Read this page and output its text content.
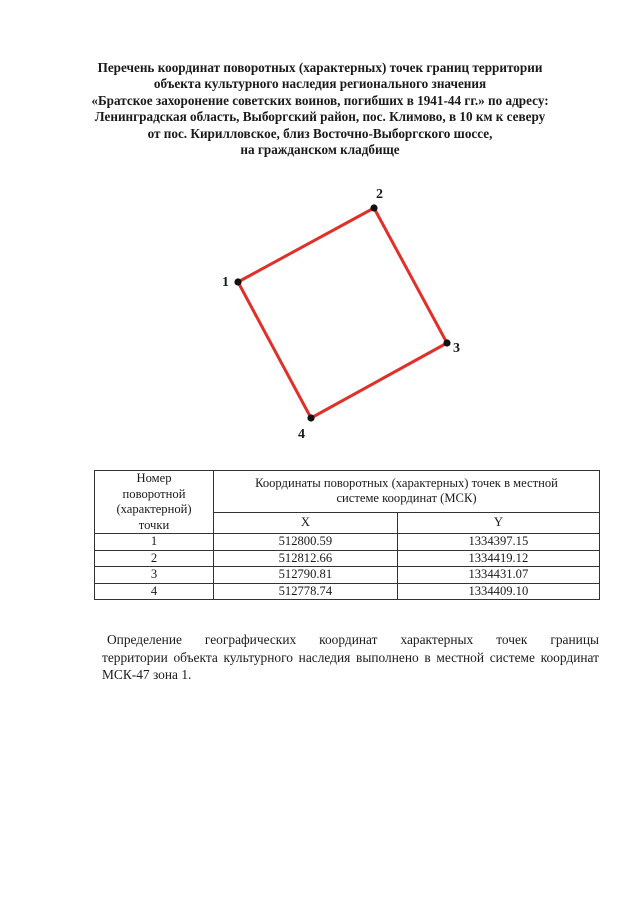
Перечень координат поворотных (характерных) точек границ территории
объекта культурного наследия регионального значения
«Братское захоронение советских воинов, погибших в 1941-44 гг.» по адресу:
Ленинградская область, Выборгский район, пос. Климово, в 10 км к северу
от пос. Кирилловское, близ Восточно-Выборгского шоссе,
на гражданском кладбище
1
2
3
4
Номер
поворотной
(характерной)
точки	Координаты поворотных (характерных) точек в местной
системе координат (МСК)	
	X	Y
1	512800.59	1334397.15
2	512812.66	1334419.12
3	512790.81	1334431.07
4	512778.74	1334409.10
Определение географических координат характерных точек границы
территории объекта культурного наследия выполнено в местной системе координат
МСК-47 зона 1.
